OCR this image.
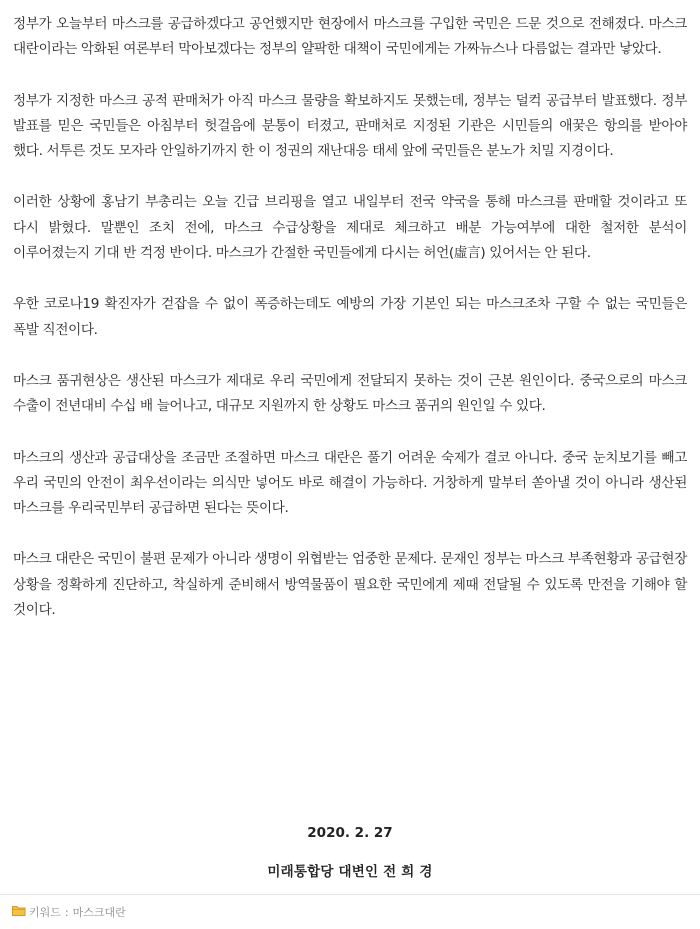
정부가 오늘부터 마스크를 공급하겠다고 공언했지만 현장에서 마스크를 구입한 국민은 드문 것으로 전해졌다. 마스크 대란이라는 악화된 여론부터 막아보겠다는 정부의 얄팍한 대책이 국민에게는 가짜뉴스나 다름없는 결과만 낳았다.

정부가 지정한 마스크 공적 판매처가 아직 마스크 물량을 확보하지도 못했는데, 정부는 덜컥 공급부터 발표했다. 정부 발표를 믿은 국민들은 아침부터 헛걸음에 분통이 터졌고, 판매처로 지정된 기관은 시민들의 애꿎은 항의를 받아야 했다. 서투른 것도 모자라 안일하기까지 한 이 정권의 재난대응 태세 앞에 국민들은 분노가 치밀 지경이다.

이러한 상황에 홍남기 부총리는 오늘 긴급 브리핑을 열고 내일부터 전국 약국을 통해 마스크를 판매할 것이라고 또 다시 밝혔다. 말뿐인 조치 전에, 마스크 수급상황을 제대로 체크하고 배분 가능여부에 대한 철저한 분석이 이루어졌는지 기대 반 걱정 반이다. 마스크가 간절한 국민들에게 다시는 허언(虛言) 있어서는 안 된다.

우한 코로나19 확진자가 걷잡을 수 없이 폭증하는데도 예방의 가장 기본인 되는 마스크조차 구할 수 없는 국민들은 폭발 직전이다.

마스크 품귀현상은 생산된 마스크가 제대로 우리 국민에게 전달되지 못하는 것이 근본 원인이다. 중국으로의 마스크 수출이 전년대비 수십 배 늘어나고, 대규모 지원까지 한 상황도 마스크 품귀의 원인일 수 있다.

마스크의 생산과 공급대상을 조금만 조절하면 마스크 대란은 풀기 어려운 숙제가 결코 아니다. 중국 눈치보기를 빼고 우리 국민의 안전이 최우선이라는 의식만 넣어도 바로 해결이 가능하다. 거창하게 말부터 쏟아낼 것이 아니라 생산된 마스크를 우리국민부터 공급하면 된다는 뜻이다.

마스크 대란은 국민이 불편 문제가 아니라 생명이 위협받는 엄중한 문제다. 문재인 정부는 마스크 부족현황과 공급현장 상황을 정확하게 진단하고, 착실하게 준비해서 방역물품이 필요한 국민에게 제때 전달될 수 있도록 만전을 기해야 할 것이다.

2020. 2. 27
미래통합당 대변인 전 희 경
키워드 : 마스크대란
